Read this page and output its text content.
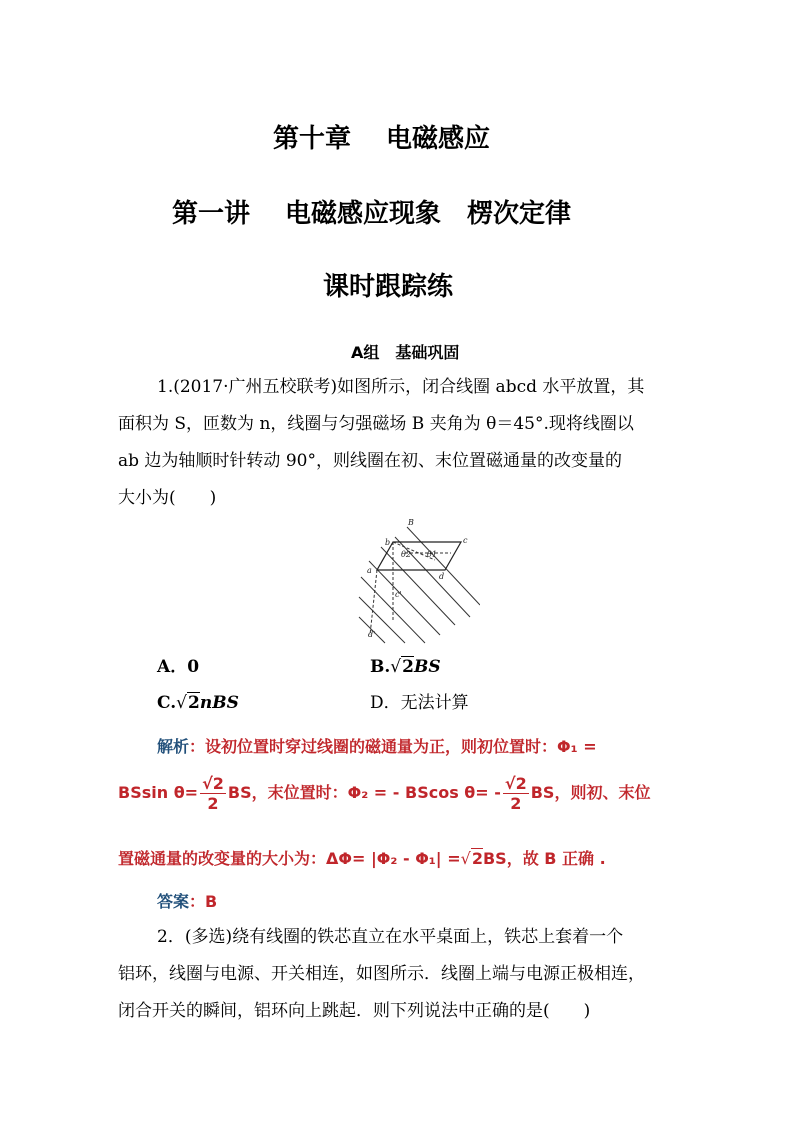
第十章　 电磁感应
第一讲　 电磁感应现象　楞次定律
课时跟踪练
A组　基础巩固
1.(2017·广州五校联考)如图所示，闭合线圈 abcd 水平放置，其
面积为 S，匝数为 n，线圈与匀强磁场 B 夹角为 θ＝45°.现将线圈以
ab 边为轴顺时针转动 90°，则线圈在初、末位置磁通量的改变量的
大小为(　　)
B
b	c
a
d
θ1
θ2
c'
d'
A．0	B.√2BS
C.√2nBS	D．无法计算
解析：设初位置时穿过线圈的磁通量为正，则初位置时：Φ₁ =
BSsin $\theta= \frac{√2}{2}$ BS，末位置时：Φ₂ = - BScos $\theta= - \frac{√2}{2}$ BS，则初、末位
置磁通量的改变量的大小为：ΔΦ= |Φ₂ - Φ₁| =√2BS，故 B 正确 .
答案：B
2．(多选)绕有线圈的铁芯直立在水平桌面上，铁芯上套着一个
铝环，线圈与电源、开关相连，如图所示．线圈上端与电源正极相连，
闭合开关的瞬间，铝环向上跳起．则下列说法中正确的是(　　)
